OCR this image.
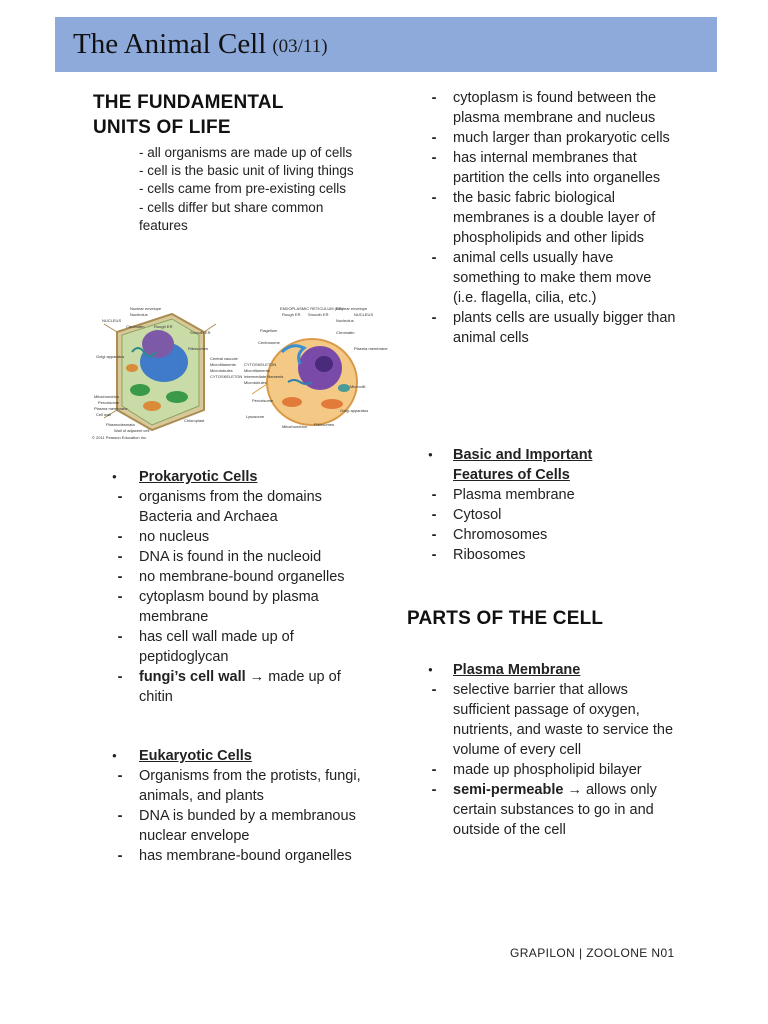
The Animal Cell (03/11)
THE FUNDAMENTAL
UNITS OF LIFE
- all organisms are made up of cells
- cell is the basic unit of living things
- cells came from pre-existing cells
- cells differ but share common features
Nuclear envelope
Nucleolus
NUCLEUS
Chromatin Rough ER
Smooth ER
Golgi apparatus
Ribosomes
Central vacuole
Microfilaments
Microtubules
CYTOSKELETON
Mitochondrion
Peroxisome
Plasma membrane
Cell wall
Plasmodesmata
Chloroplast
Wall of adjacent cell
© 2011 Pearson Education Inc.
ENDOPLASMIC RETICULUM (ER)
Rough ER Smooth ER
Nuclear envelope
Nucleolus
NUCLEUS
Chromatin
Flagellum
Centrosome
Plasma membrane
CYTOSKELETON
Microfilaments
Intermediate filaments
Microtubules
Microvilli
Peroxisome
Mitochondrion
Lysosome
Golgi apparatus
Ribosomes
● Prokaryotic Cells
- organisms from the domains Bacteria and Archaea
- no nucleus
- DNA is found in the nucleoid
- no membrane-bound organelles
- cytoplasm bound by plasma membrane
- has cell wall made up of peptidoglycan
- fungi’s cell wall → made up of chitin
● Eukaryotic Cells
- Organisms from the protists, fungi, animals, and plants
- DNA is bunded by a membranous nuclear envelope
- has membrane-bound organelles
- cytoplasm is found between the plasma membrane and nucleus
- much larger than prokaryotic cells
- has internal membranes that partition the cells into organelles
- the basic fabric biological membranes is a double layer of phospholipids and other lipids
- animal cells usually have something to make them move (i.e. flagella, cilia, etc.)
- plants cells are usually bigger than animal cells
● Basic and Important
Features of Cells
- Plasma membrane
- Cytosol
- Chromosomes
- Ribosomes
PARTS OF THE CELL
● Plasma Membrane
- selective barrier that allows sufficient passage of oxygen, nutrients, and waste to service the volume of every cell
- made up phospholipid bilayer
- semi-permeable → allows only certain substances to go in and outside of the cell
GRAPILON | ZOOLONE N01
